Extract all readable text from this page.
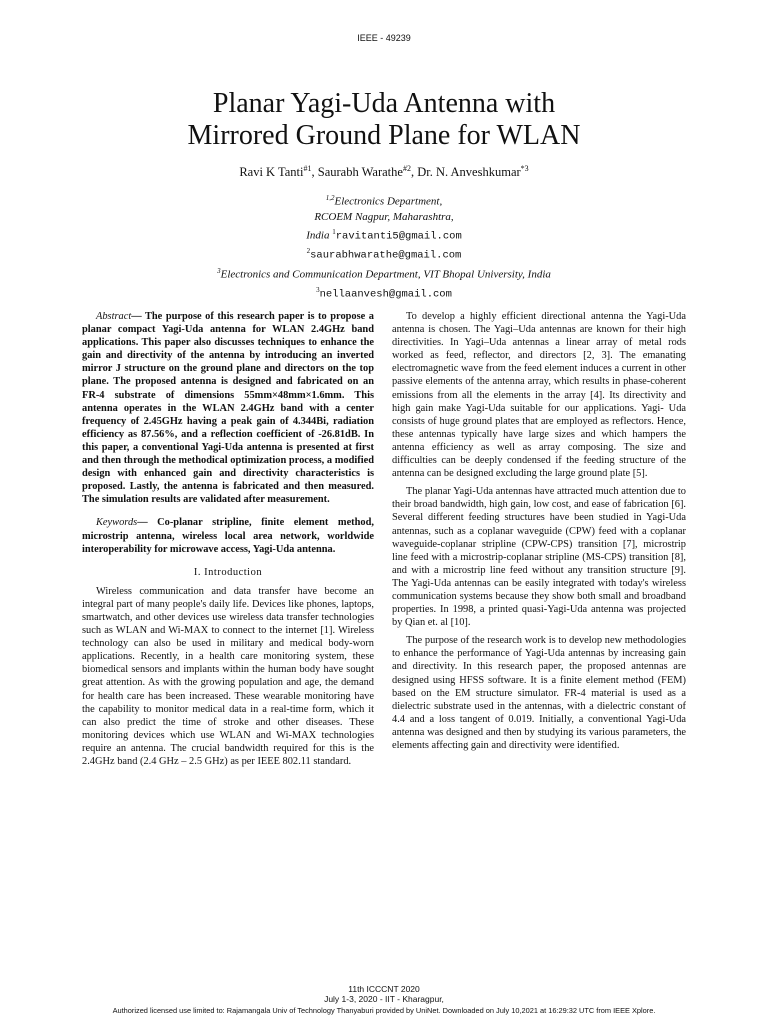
IEEE - 49239
Planar Yagi-Uda Antenna with
Mirrored Ground Plane for WLAN
Ravi K Tanti$^{\#1}$, Saurabh Warathe$^{\#2}$, Dr. N. Anveshkumar$^{*3}$
$^{1,2}$Electronics Department,
RCOEM Nagpur, Maharashtra,
India $^1$ravitanti5@gmail.com
$^2$saurabhwarathe@gmail.com
$^3$Electronics and Communication Department, VIT Bhopal University, India
$^3$nellaanvesh@gmail.com

Abstract— The purpose of this research paper is to propose a planar compact Yagi-Uda antenna for WLAN 2.4GHz band applications. This paper also discusses techniques to enhance the gain and directivity of the antenna by introducing an inverted mirror J structure on the ground plane and directors on the top plane. The proposed antenna is designed and fabricated on an FR-4 substrate of dimensions 55mm×48mm×1.6mm. This antenna operates in the WLAN 2.4GHz band with a center frequency of 2.45GHz having a peak gain of 4.344Bi, radiation efficiency as 87.56%, and a reflection coefficient of -26.81dB. In this paper, a conventional Yagi-Uda antenna is presented at first and then through the methodical optimization process, a modified design with enhanced gain and directivity characteristics is proposed. Lastly, the antenna is fabricated and then measured. The simulation results are validated after measurement.

Keywords— Co-planar stripline, finite element method, microstrip antenna, wireless local area network, worldwide interoperability for microwave access, Yagi-Uda antenna.

I. Introduction

Wireless communication and data transfer have become an integral part of many people's daily life. Devices like phones, laptops, smartwatch, and other devices use wireless data transfer technologies such as WLAN and Wi-MAX to connect to the internet [1]. Wireless technology can also be used in military and medical body-worn applications. Recently, in a health care monitoring system, these biomedical sensors and implants within the human body have sought great attention. As with the growing population and age, the demand for health care has been increased. These wearable monitoring have the capability to monitor medical data in a real-time form, which it can also predict the time of stroke and other diseases. These monitoring devices which use WLAN and Wi-MAX technologies require an antenna. The crucial bandwidth required for this is the 2.4GHz band (2.4 GHz – 2.5 GHz) as per IEEE 802.11 standard.

To develop a highly efficient directional antenna the Yagi-Uda antenna is chosen. The Yagi–Uda antennas are known for their high directivities. In Yagi–Uda antennas a linear array of metal rods worked as feed, reflector, and directors [2, 3]. The emanating electromagnetic wave from the feed element induces a current in other passive elements of the antenna array, which results in phase-coherent emissions from all the elements in the array [4]. Its directivity and high gain make Yagi-Uda suitable for our applications. Yagi- Uda consists of huge ground plates that are employed as reflectors. Hence, these antennas typically have large sizes and which hampers the antenna efficiency as well as array composing. The size and difficulties can be deeply condensed if the feeding structure of the antenna can be designed excluding the large ground plate [5].

The planar Yagi-Uda antennas have attracted much attention due to their broad bandwidth, high gain, low cost, and ease of fabrication [6]. Several different feeding structures have been studied in Yagi-Uda antennas, such as a coplanar waveguide (CPW) feed with a coplanar waveguide-coplanar stripline (CPW-CPS) transition [7], microstrip line feed with a microstrip-coplanar stripline (MS-CPS) transition [8], and with a microstrip line feed without any transition structure [9]. The Yagi-Uda antennas can be easily integrated with today's wireless communication systems because they show both small and broadband properties. In 1998, a printed quasi-Yagi-Uda antenna was projected by Qian et. al [10].

The purpose of the research work is to develop new methodologies to enhance the performance of Yagi-Uda antennas by increasing gain and directivity. In this research paper, the proposed antennas are designed using HFSS software. It is a finite element method (FEM) based on the EM structure simulator. FR-4 material is used as a dielectric substrate used in the antennas, with a dielectric constant of 4.4 and a loss tangent of 0.019. Initially, a conventional Yagi-Uda antenna was designed and then by studying its various parameters, the elements affecting gain and directivity were identified.

11th ICCCNT 2020
July 1-3, 2020 - IIT - Kharagpur,
Authorized licensed use limited to: Rajamangala Univ of Technology Thanyaburi provided by UniNet. Downloaded on July 10,2021 at 16:29:32 UTC from IEEE Xplore.
